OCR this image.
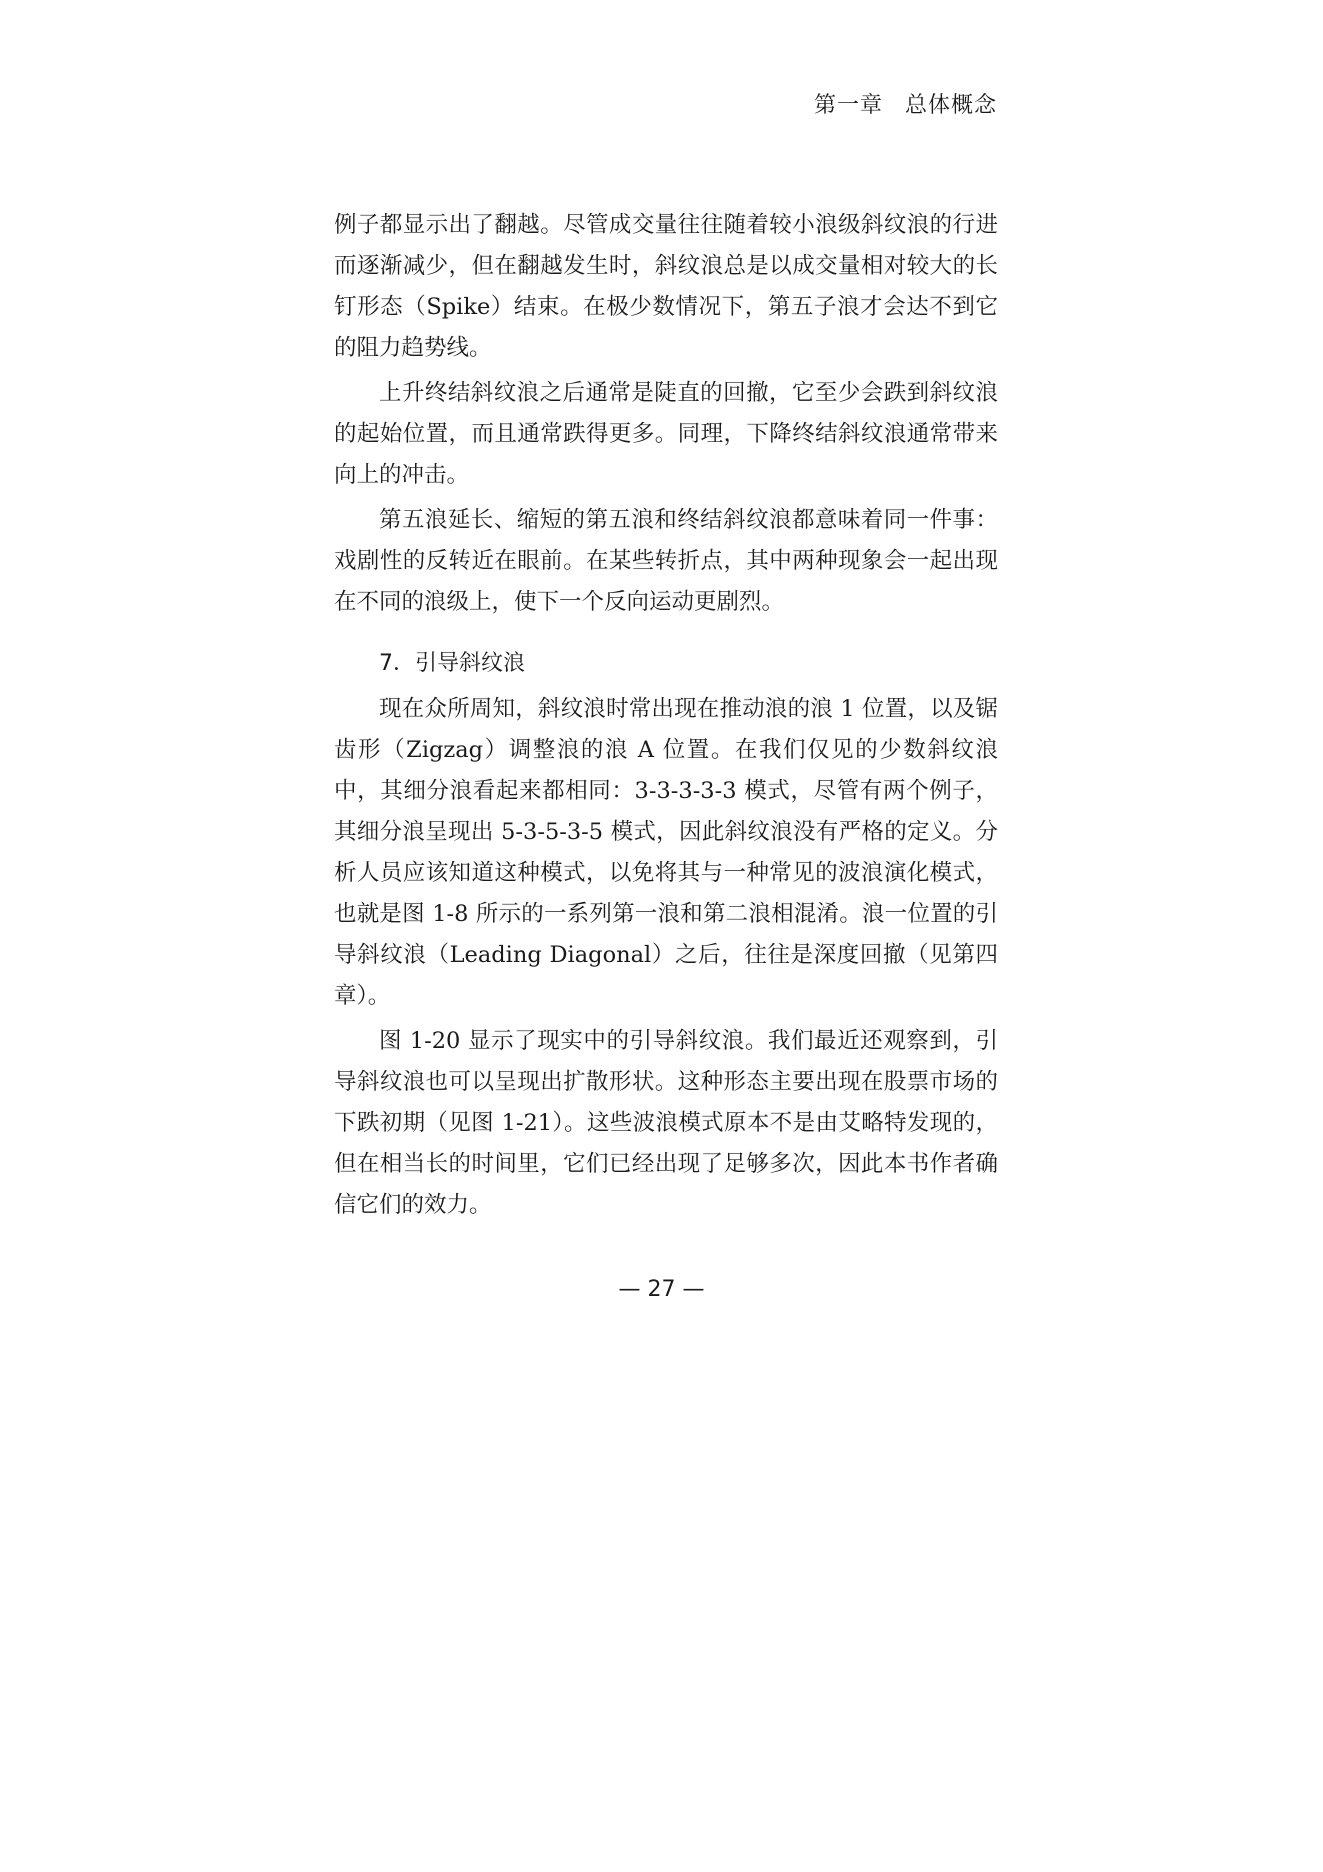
第一章 总体概念

例子都显示出了翻越。尽管成交量往往随着较小浪级斜纹浪的行进而逐渐减少，但在翻越发生时，斜纹浪总是以成交量相对较大的长钉形态（Spike）结束。在极少数情况下，第五子浪才会达不到它的阻力趋势线。

上升终结斜纹浪之后通常是陡直的回撤，它至少会跌到斜纹浪的起始位置，而且通常跌得更多。同理，下降终结斜纹浪通常带来向上的冲击。

第五浪延长、缩短的第五浪和终结斜纹浪都意味着同一件事：戏剧性的反转近在眼前。在某些转折点，其中两种现象会一起出现在不同的浪级上，使下一个反向运动更剧烈。

7．引导斜纹浪

现在众所周知，斜纹浪时常出现在推动浪的浪 1 位置，以及锯齿形（Zigzag）调整浪的浪 A 位置。在我们仅见的少数斜纹浪中，其细分浪看起来都相同：3-3-3-3-3 模式，尽管有两个例子，其细分浪呈现出 5-3-5-3-5 模式，因此斜纹浪没有严格的定义。分析人员应该知道这种模式，以免将其与一种常见的波浪演化模式，也就是图 1-8 所示的一系列第一浪和第二浪相混淆。浪一位置的引导斜纹浪（Leading Diagonal）之后，往往是深度回撤（见第四章）。

图 1-20 显示了现实中的引导斜纹浪。我们最近还观察到，引导斜纹浪也可以呈现出扩散形状。这种形态主要出现在股票市场的下跌初期（见图 1-21）。这些波浪模式原本不是由艾略特发现的，但在相当长的时间里，它们已经出现了足够多次，因此本书作者确信它们的效力。

— 27 —
